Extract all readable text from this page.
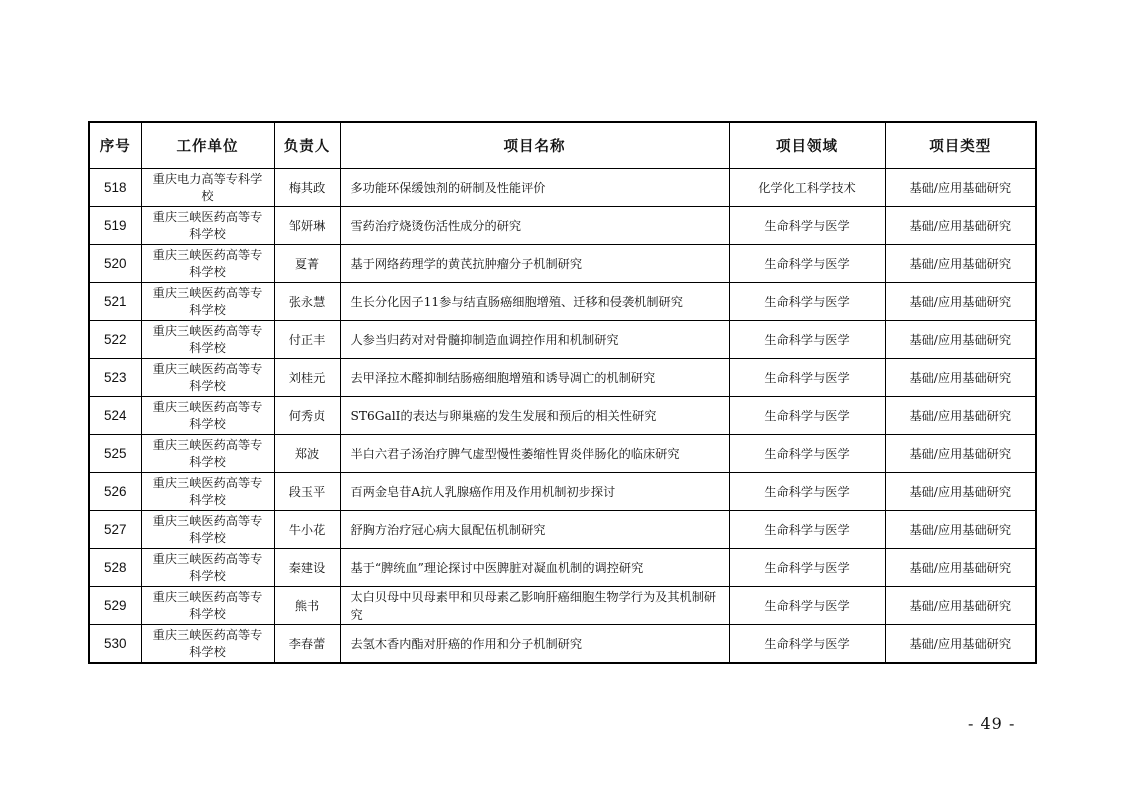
序号	工作单位	负责人	项目名称	项目领域	项目类型
518	重庆电力高等专科学校	梅其政	多功能环保缓蚀剂的研制及性能评价	化学化工科学技术	基础/应用基础研究
519	重庆三峡医药高等专科学校	邹妍琳	雪药治疗烧烫伤活性成分的研究	生命科学与医学	基础/应用基础研究
520	重庆三峡医药高等专科学校	夏菁	基于网络药理学的黄芪抗肿瘤分子机制研究	生命科学与医学	基础/应用基础研究
521	重庆三峡医药高等专科学校	张永慧	生长分化因子11参与结直肠癌细胞增殖、迁移和侵袭机制研究	生命科学与医学	基础/应用基础研究
522	重庆三峡医药高等专科学校	付正丰	人参当归药对对骨髓抑制造血调控作用和机制研究	生命科学与医学	基础/应用基础研究
523	重庆三峡医药高等专科学校	刘桂元	去甲泽拉木醛抑制结肠癌细胞增殖和诱导凋亡的机制研究	生命科学与医学	基础/应用基础研究
524	重庆三峡医药高等专科学校	何秀贞	ST6GalⅠ的表达与卵巢癌的发生发展和预后的相关性研究	生命科学与医学	基础/应用基础研究
525	重庆三峡医药高等专科学校	郑波	半白六君子汤治疗脾气虚型慢性萎缩性胃炎伴肠化的临床研究	生命科学与医学	基础/应用基础研究
526	重庆三峡医药高等专科学校	段玉平	百两金皂苷A抗人乳腺癌作用及作用机制初步探讨	生命科学与医学	基础/应用基础研究
527	重庆三峡医药高等专科学校	牛小花	舒胸方治疗冠心病大鼠配伍机制研究	生命科学与医学	基础/应用基础研究
528	重庆三峡医药高等专科学校	秦建设	基于“脾统血”理论探讨中医脾脏对凝血机制的调控研究	生命科学与医学	基础/应用基础研究
529	重庆三峡医药高等专科学校	熊书	太白贝母中贝母素甲和贝母素乙影响肝癌细胞生物学行为及其机制研究	生命科学与医学	基础/应用基础研究
530	重庆三峡医药高等专科学校	李春蕾	去氢木香内酯对肝癌的作用和分子机制研究	生命科学与医学	基础/应用基础研究
- 49 -
